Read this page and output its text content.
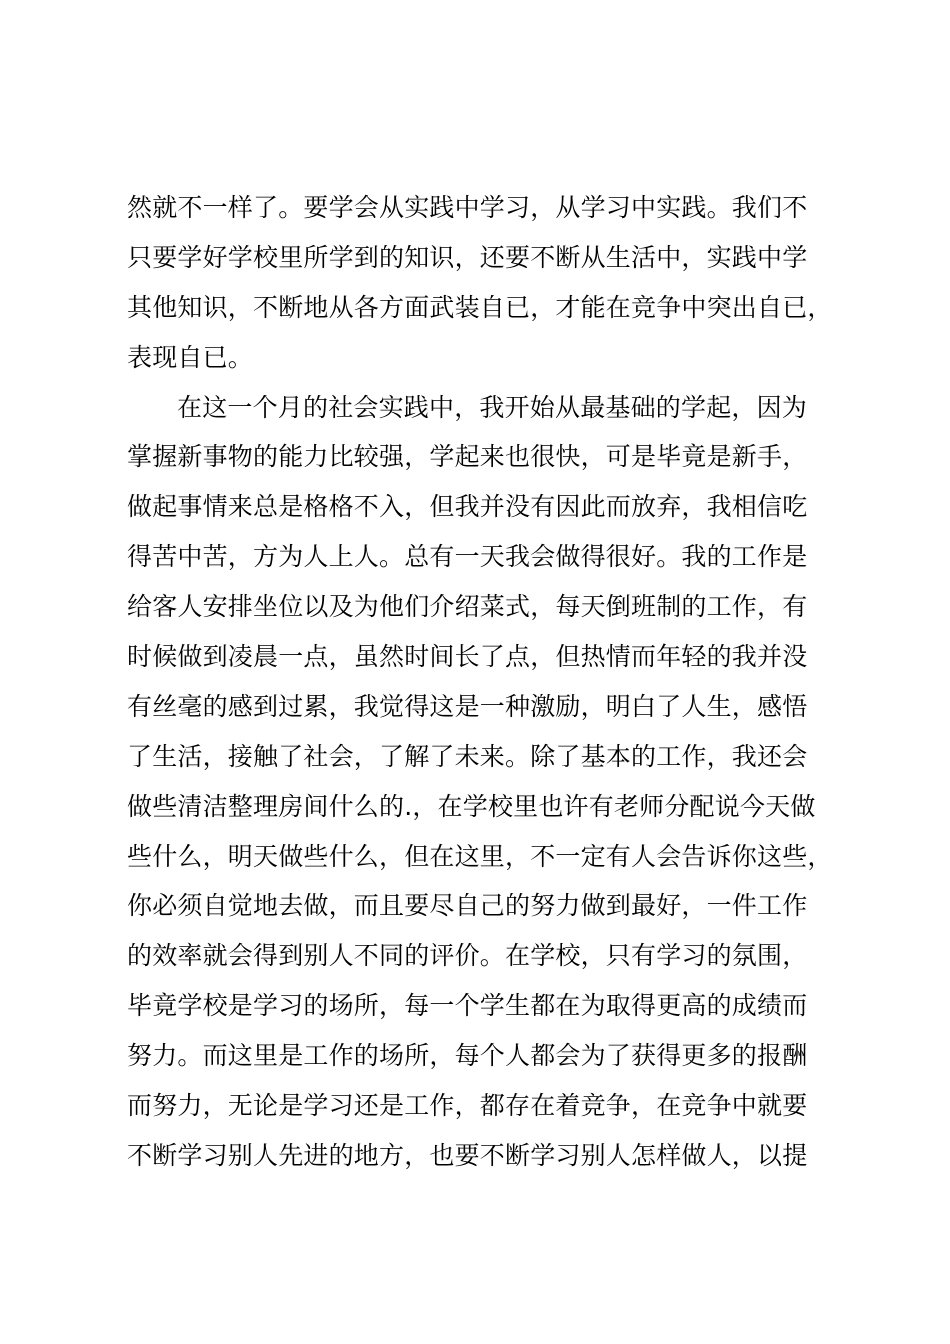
然就不一样了。要学会从实践中学习，从学习中实践。我们不
只要学好学校里所学到的知识，还要不断从生活中，实践中学
其他知识，不断地从各方面武装自已，才能在竞争中突出自已，
表现自已。
在这一个月的社会实践中，我开始从最基础的学起，因为
掌握新事物的能力比较强，学起来也很快，可是毕竟是新手，
做起事情来总是格格不入，但我并没有因此而放弃，我相信吃
得苦中苦，方为人上人。总有一天我会做得很好。我的工作是
给客人安排坐位以及为他们介绍菜式，每天倒班制的工作，有
时候做到凌晨一点，虽然时间长了点，但热情而年轻的我并没
有丝毫的感到过累，我觉得这是一种激励，明白了人生，感悟
了生活，接触了社会，了解了未来。除了基本的工作，我还会
做些清洁整理房间什么的.，在学校里也许有老师分配说今天做
些什么，明天做些什么，但在这里，不一定有人会告诉你这些，
你必须自觉地去做，而且要尽自己的努力做到最好，一件工作
的效率就会得到别人不同的评价。在学校，只有学习的氛围，
毕竟学校是学习的场所，每一个学生都在为取得更高的成绩而
努力。而这里是工作的场所，每个人都会为了获得更多的报酬
而努力，无论是学习还是工作，都存在着竞争，在竞争中就要
不断学习别人先进的地方，也要不断学习别人怎样做人，以提
